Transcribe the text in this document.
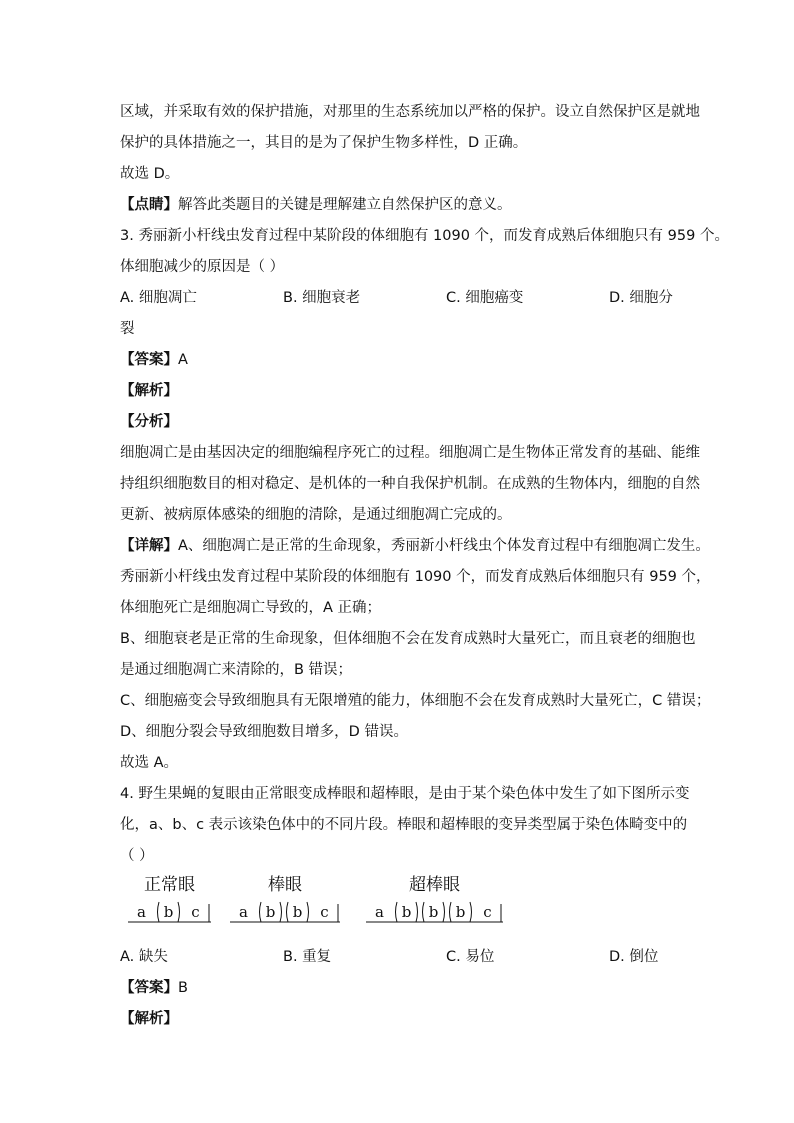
区域，并采取有效的保护措施，对那里的生态系统加以严格的保护。设立自然保护区是就地
保护的具体措施之一，其目的是为了保护生物多样性，D 正确。
故选 D。
【点睛】解答此类题目的关键是理解建立自然保护区的意义。
3. 秀丽新小杆线虫发育过程中某阶段的体细胞有 1090 个，而发育成熟后体细胞只有 959 个。
体细胞减少的原因是（ ）
A. 细胞凋亡	B. 细胞衰老	C. 细胞癌变	D. 细胞分
裂
【答案】A
【解析】
【分析】
细胞凋亡是由基因决定的细胞编程序死亡的过程。细胞凋亡是生物体正常发育的基础、能维
持组织细胞数目的相对稳定、是机体的一种自我保护机制。在成熟的生物体内，细胞的自然
更新、被病原体感染的细胞的清除，是通过细胞凋亡完成的。
【详解】A、细胞凋亡是正常的生命现象，秀丽新小杆线虫个体发育过程中有细胞凋亡发生。
秀丽新小杆线虫发育过程中某阶段的体细胞有 1090 个，而发育成熟后体细胞只有 959 个，
体细胞死亡是细胞凋亡导致的，A 正确；
B、细胞衰老是正常的生命现象，但体细胞不会在发育成熟时大量死亡，而且衰老的细胞也
是通过细胞凋亡来清除的，B 错误；
C、细胞癌变会导致细胞具有无限增殖的能力，体细胞不会在发育成熟时大量死亡，C 错误；
D、细胞分裂会导致细胞数目增多，D 错误。
故选 A。
4. 野生果蝇的复眼由正常眼变成棒眼和超棒眼，是由于某个染色体中发生了如下图所示变
化，a、b、c 表示该染色体中的不同片段。棒眼和超棒眼的变异类型属于染色体畸变中的
（ ）
正常眼
a b c
棒眼
a b b c
超棒眼
a b b b c
A. 缺失	B. 重复	C. 易位	D. 倒位
【答案】B
【解析】
